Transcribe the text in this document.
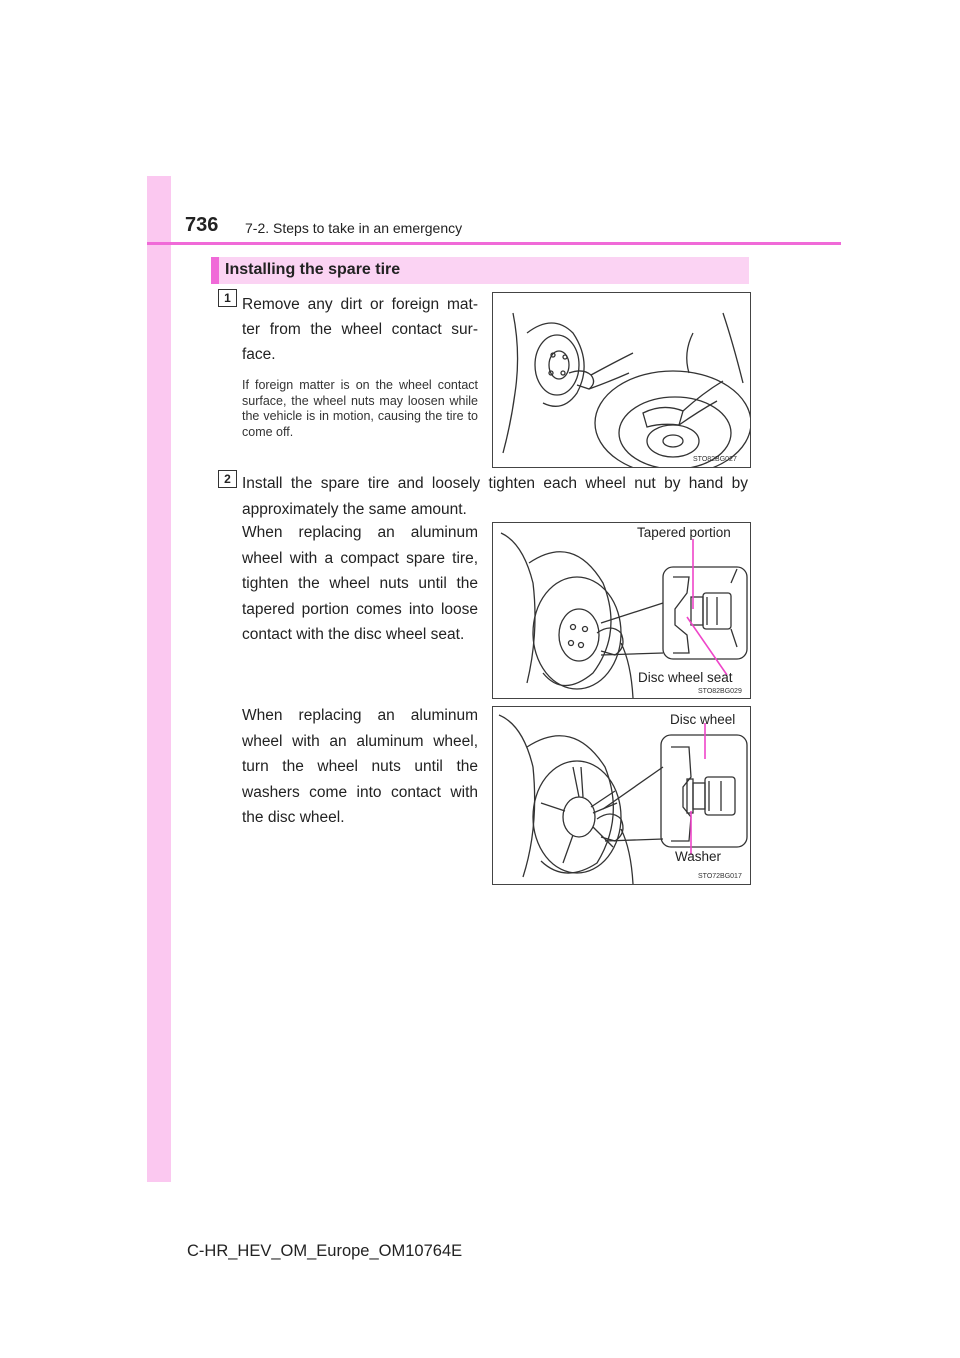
736 7-2. Steps to take in an emergency
Installing the spare tire
1 Remove any dirt or foreign mat-ter from the wheel contact sur-face.
If foreign matter is on the wheel contact surface, the wheel nuts may loosen while the vehicle is in motion, causing the tire to come off.
STO82BG027
2 Install the spare tire and loosely tighten each wheel nut by hand by approximately the same amount.
When replacing an aluminum wheel with a compact spare tire, tighten the wheel nuts until the tapered portion comes into loose contact with the disc wheel seat.
Tapered portion
Disc wheel seat
STO82BG029
When replacing an aluminum wheel with an aluminum wheel, turn the wheel nuts until the washers come into contact with the disc wheel.
Disc wheel
Washer
STO72BG017
C-HR_HEV_OM_Europe_OM10764E
